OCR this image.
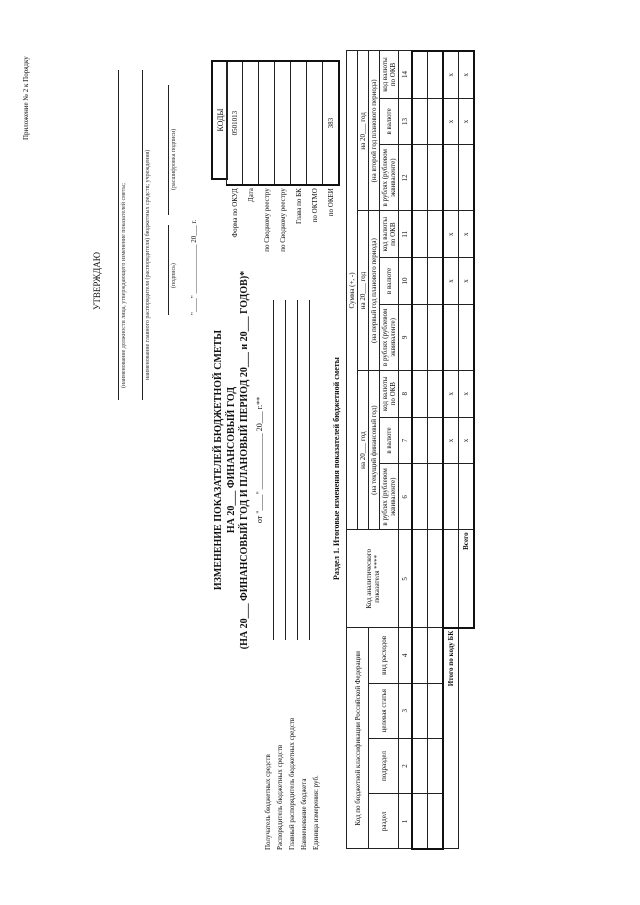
Приложение № 2 к Порядку
УТВЕРЖДАЮ	(наименование должности лица, утверждающего изменение показателей сметы;	наименование главного распорядителя (распорядителя) бюджетных средств; учреждения)	(подпись)
(расшифровка подписи)
"____" ______________ 20___ г.
ИЗМЕНЕНИЕ ПОКАЗАТЕЛЕЙ БЮДЖЕТНОЙ СМЕТЫ НА 20___ ФИНАНСОВЫЙ ГОД (НА 20___ ФИНАНСОВЫЙ ГОД И ПЛАНОВЫЙ ПЕРИОД 20___ и 20___ ГОДОВ)* от "____" ______________ 20___ г.**
КОДЫ
Форма по ОКУД	0501013
Дата	
по Сводному реестру	
по Сводному реестру	
Глава по БК	
по ОКТМО	
по ОКЕИ	383
Получатель бюджетных средств Распорядитель бюджетных средств Главный распорядитель бюджетных средств Наименование бюджета Единица измерения: руб.
Раздел 1. Итоговые изменения показателей бюджетной сметы
Код по бюджетной классификации Российской Федерации				Код аналитического показателя ****	Сумма (+, -)								
					на 20___ год			на 20___ год			на 20___ год		
раздел	подраздел	целевая статья	вид расходов		(на текущий финансовый год)			(на первый год планового периода)			(на второй год планового периода)		
					в рублях (рублевом эквиваленте)	в валюте	код валюты по ОКВ	в рублях (рублевом эквиваленте)	в валюте	код валюты по ОКВ	в рублях (рублевом эквиваленте)	в валюте	код валюты по ОКВ
1	2	3	4	5	6	7	8	9	10	11	12	13	14

Итого по коду БК						x	x		x	x		x	x
				Всего		x	x		x	x		x	x
